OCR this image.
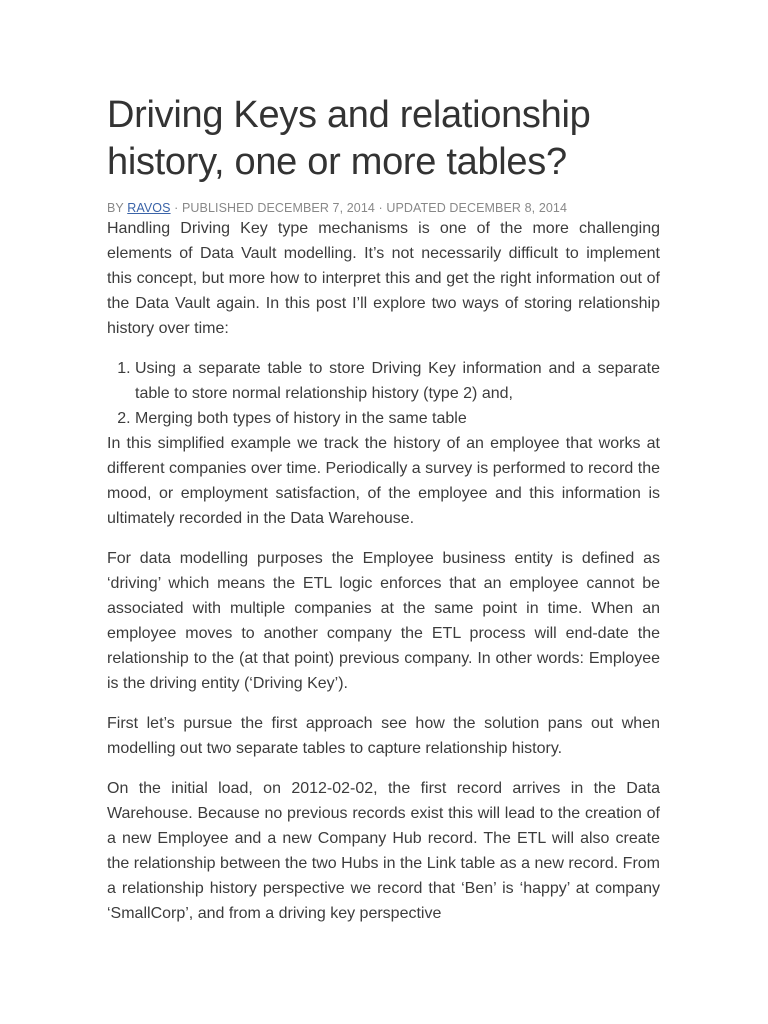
Driving Keys and relationship history, one or more tables?
BY RAVOS · PUBLISHED DECEMBER 7, 2014 · UPDATED DECEMBER 8, 2014

Handling Driving Key type mechanisms is one of the more challenging elements of Data Vault modelling. It’s not necessarily difficult to implement this concept, but more how to interpret this and get the right information out of the Data Vault again. In this post I’ll explore two ways of storing relationship history over time:

1. Using a separate table to store Driving Key information and a separate table to store normal relationship history (type 2) and,
2. Merging both types of history in the same table

In this simplified example we track the history of an employee that works at different companies over time. Periodically a survey is performed to record the mood, or employment satisfaction, of the employee and this information is ultimately recorded in the Data Warehouse.

For data modelling purposes the Employee business entity is defined as ‘driving’ which means the ETL logic enforces that an employee cannot be associated with multiple companies at the same point in time. When an employee moves to another company the ETL process will end-date the relationship to the (at that point) previous company. In other words: Employee is the driving entity (‘Driving Key’).

First let’s pursue the first approach see how the solution pans out when modelling out two separate tables to capture relationship history.

On the initial load, on 2012-02-02, the first record arrives in the Data Warehouse. Because no previous records exist this will lead to the creation of a new Employee and a new Company Hub record. The ETL will also create the relationship between the two Hubs in the Link table as a new record. From a relationship history perspective we record that ‘Ben’ is ‘happy’ at company ‘SmallCorp’, and from a driving key perspective
